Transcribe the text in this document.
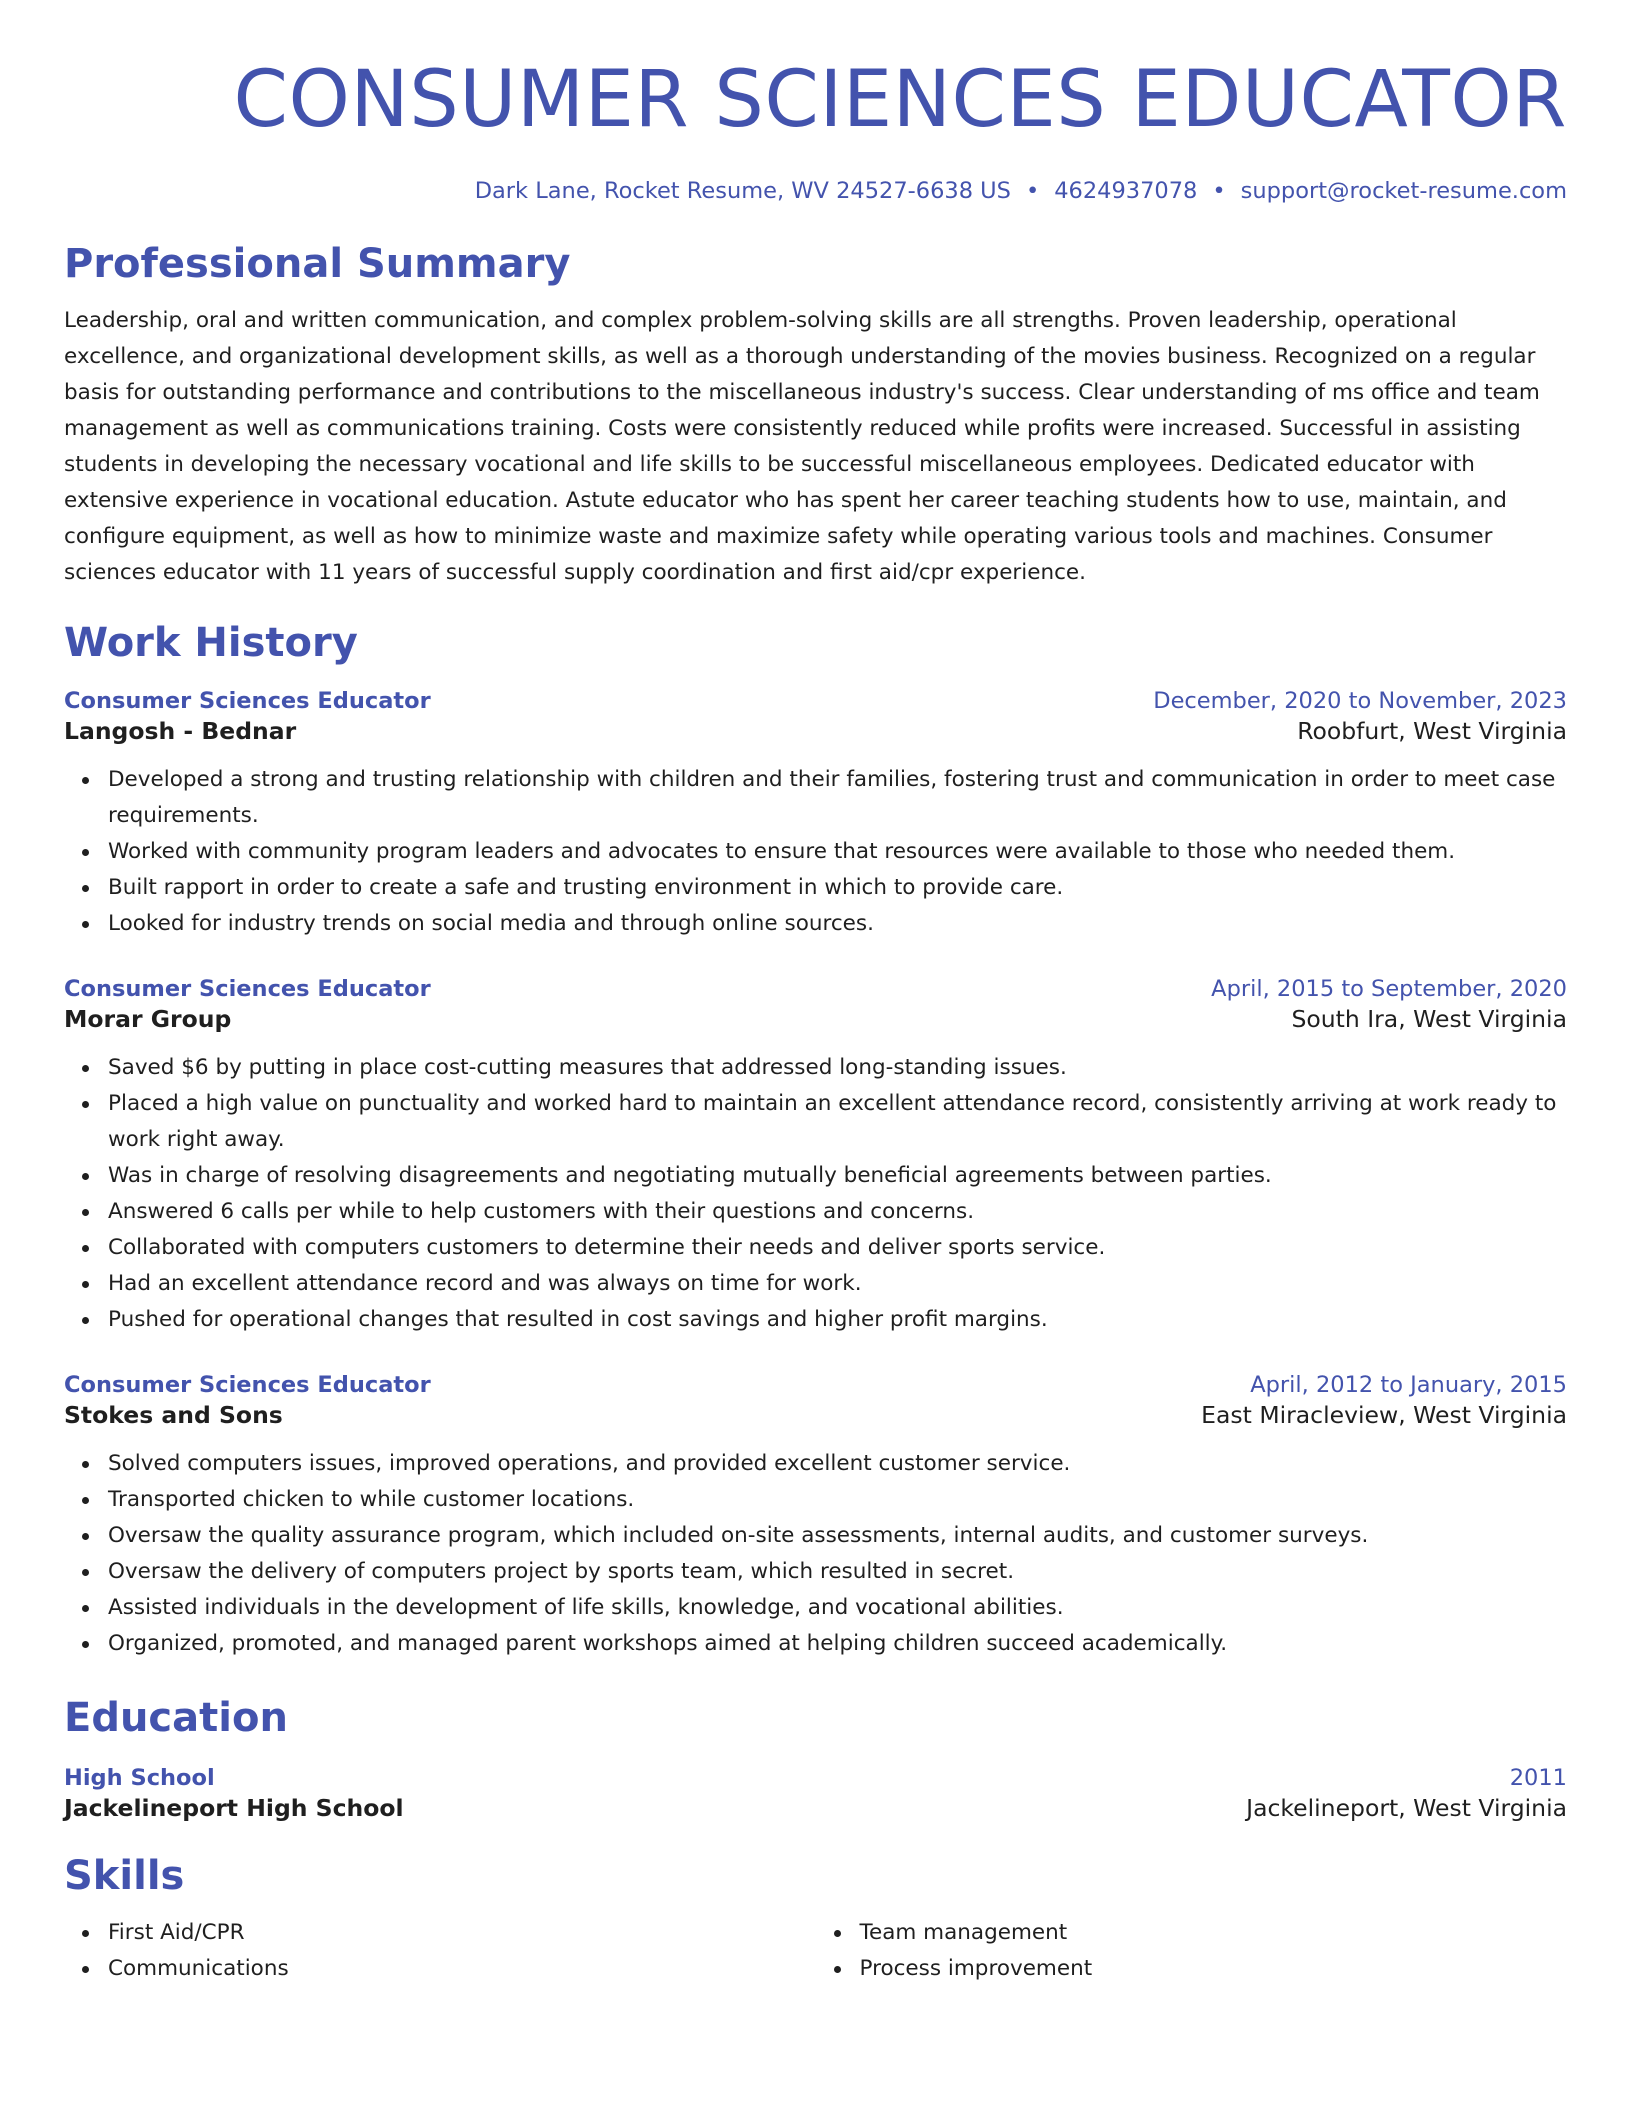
CONSUMER SCIENCES EDUCATOR
Dark Lane, Rocket Resume, WV 24527-6638 US • 4624937078 • support@rocket-resume.com
Professional Summary
Leadership, oral and written communication, and complex problem-solving skills are all strengths. Proven leadership, operational excellence, and organizational development skills, as well as a thorough understanding of the movies business. Recognized on a regular basis for outstanding performance and contributions to the miscellaneous industry's success. Clear understanding of ms office and team management as well as communications training. Costs were consistently reduced while profits were increased. Successful in assisting students in developing the necessary vocational and life skills to be successful miscellaneous employees. Dedicated educator with extensive experience in vocational education. Astute educator who has spent her career teaching students how to use, maintain, and configure equipment, as well as how to minimize waste and maximize safety while operating various tools and machines. Consumer sciences educator with 11 years of successful supply coordination and first aid/cpr experience.
Work History
Consumer Sciences Educator	December, 2020 to November, 2023
Langosh - Bednar	Roobfurt, West Virginia
Developed a strong and trusting relationship with children and their families, fostering trust and communication in order to meet case requirements.
Worked with community program leaders and advocates to ensure that resources were available to those who needed them.
Built rapport in order to create a safe and trusting environment in which to provide care.
Looked for industry trends on social media and through online sources.
Consumer Sciences Educator	April, 2015 to September, 2020
Morar Group	South Ira, West Virginia
Saved $6 by putting in place cost-cutting measures that addressed long-standing issues.
Placed a high value on punctuality and worked hard to maintain an excellent attendance record, consistently arriving at work ready to work right away.
Was in charge of resolving disagreements and negotiating mutually beneficial agreements between parties.
Answered 6 calls per while to help customers with their questions and concerns.
Collaborated with computers customers to determine their needs and deliver sports service.
Had an excellent attendance record and was always on time for work.
Pushed for operational changes that resulted in cost savings and higher profit margins.
Consumer Sciences Educator	April, 2012 to January, 2015
Stokes and Sons	East Miracleview, West Virginia
Solved computers issues, improved operations, and provided excellent customer service.
Transported chicken to while customer locations.
Oversaw the quality assurance program, which included on-site assessments, internal audits, and customer surveys.
Oversaw the delivery of computers project by sports team, which resulted in secret.
Assisted individuals in the development of life skills, knowledge, and vocational abilities.
Organized, promoted, and managed parent workshops aimed at helping children succeed academically.
Education
High School	2011
Jackelineport High School	Jackelineport, West Virginia
Skills
First Aid/CPR
Communications
Team management
Process improvement
